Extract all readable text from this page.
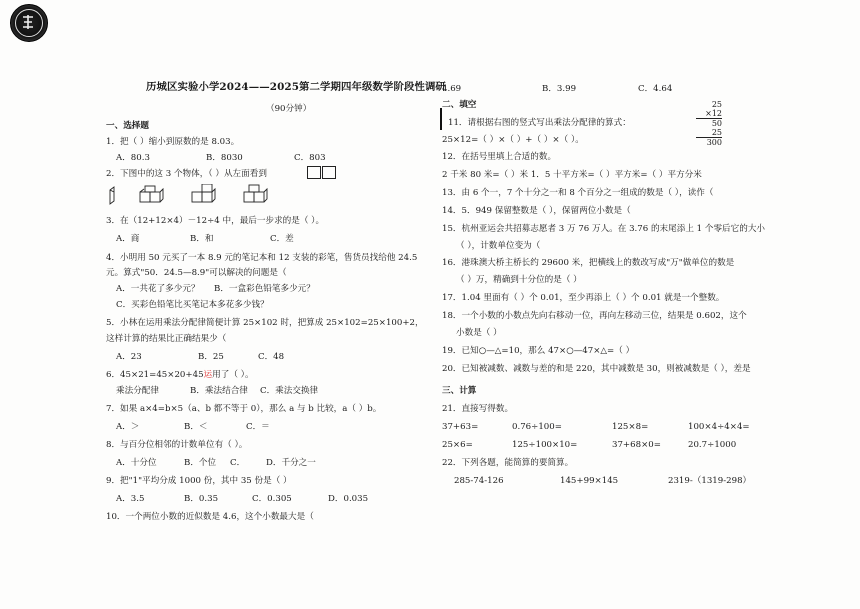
历城区实验小学2024——2025第二学期四年级数学阶段性调研
（90分钟）
一、选择题
1．把（ ）缩小到原数的是 8.03。
A．80.3	B．8030	C．803
2．下图中的这 3 个物体，（ ）从左面看到
3．在（12+12×4）－12÷4 中，最后一步求的是（ ）。
A．商	B．和	C．差
4．小明用 50 元买了一本 8.9 元的笔记本和 12 支装的彩笔，售货员找给他 24.5
元。算式"50．24.5—8.9"可以解决的问题是（
A．一共花了多少元？ B．一盒彩色铅笔多少元？
C．买彩色铅笔比买笔记本多花多少钱？
5．小林在运用乘法分配律简便计算 25×102 时，把算成 25×102=25×100+2，
这样计算的结果比正确结果少（
A．23	B．25	C．48
6．45×21=45×20+45运用了（ ）。
乘法分配律	B．乘法结合律 C．乘法交换律
7．如果 a×4=b×5（a、b 都不等于 0），那么 a 与 b 比较，a（ ）b。
A．＞	B．＜	C．＝
8．与百分位相邻的计数单位有（ ）。
A．十分位	B．个位 C． D．千分之一
9．把"1"平均分成 1000 份，其中 35 份是（ ）
A．3.5	B．0.35	C．0.305	D．0.035
10．一个两位小数的近似数是 4.6，这个小数最大是（
4.69	B．3.99	C．4.64
二、填空
11．请根据右图的竖式写出乘法分配律的算式：
25×12=（ ）×（ ）+（ ）×（ ）。
25
×12
50
25
300
12．在括号里填上合适的数。
2 千米 80 米=（ ）米 1．5 十平方米=（ ）平方米=（ ）平方分米
13．由 6 个一，7 个十分之一和 8 个百分之一组成的数是（ ），读作（
14．5．949 保留整数是（ ），保留两位小数是（
15．杭州亚运会共招募志愿者 3 万 76 万人。在 3.76 的末尾添上 1 个零后它的大小
（ ），计数单位变为（
16．港珠澳大桥主桥长约 29600 米，把横线上的数改写成"万"做单位的数是
（ ）万，精确到十分位的是（ ）
17．1.04 里面有（ ）个 0.01，至少再添上（ ）个 0.01 就是一个整数。
18．一个小数的小数点先向右移动一位，再向左移动三位，结果是 0.602，这个
小数是（ ）
19．已知○—△=10，那么 47×○—47×△=（ ）
20．已知被减数、减数与差的和是 220，其中减数是 30，则被减数是（ ），差是
三、计算
21．直接写得数。
37+63=	0.76÷100=	125×8=	100×4÷4×4=
25×6=	125÷100×10=	37+68×0=	20.7÷1000
22．下列各题，能简算的要简算。
285-74-126	145+99×145	2319-（1319-298）
